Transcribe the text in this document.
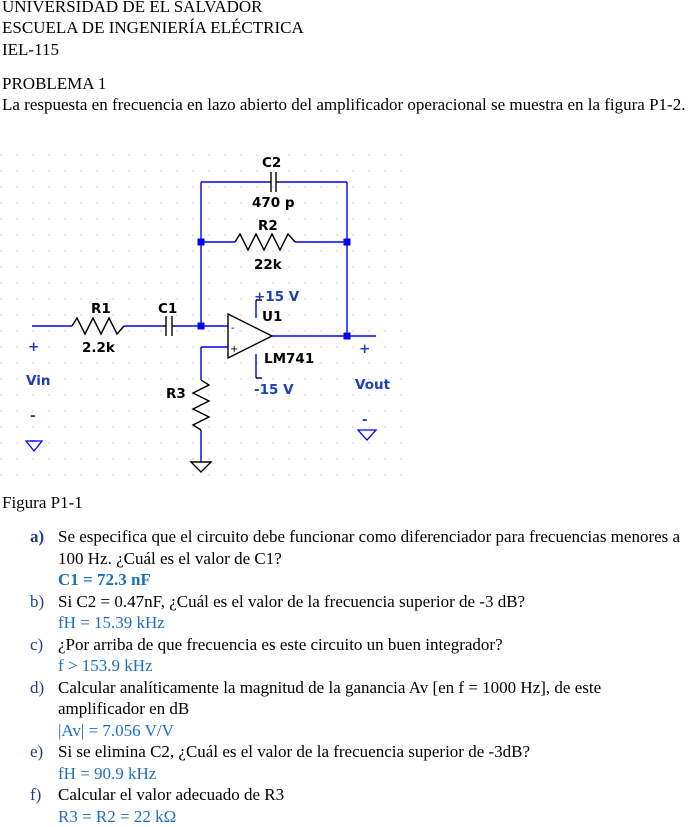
UNIVERSIDAD DE EL SALVADOR
ESCUELA DE INGENIERÍA ELÉCTRICA
IEL-115
PROBLEMA 1
La respuesta en frecuencia en lazo abierto del amplificador operacional se muestra en la figura P1-2.
-
+
C2
470 p
R2
22k
R1
2.2k
C1
+15 V
U1
LM741
-15 V
R3
+
Vin
-
+
Vout
-
Figura P1-1
a) Se especifica que el circuito debe funcionar como diferenciador para frecuencias menores a 100 Hz. ¿Cuál es el valor de C1?
C1 = 72.3 nF
b) Si C2 = 0.47nF, ¿Cuál es el valor de la frecuencia superior de -3 dB?
fH = 15.39 kHz
c) ¿Por arriba de que frecuencia es este circuito un buen integrador?
f > 153.9 kHz
d) Calcular analíticamente la magnitud de la ganancia Av [en f = 1000 Hz], de este amplificador en dB
|Av| = 7.056 V/V
e) Si se elimina C2, ¿Cuál es el valor de la frecuencia superior de -3dB?
fH = 90.9 kHz
f) Calcular el valor adecuado de R3
R3 = R2 = 22 kΩ
